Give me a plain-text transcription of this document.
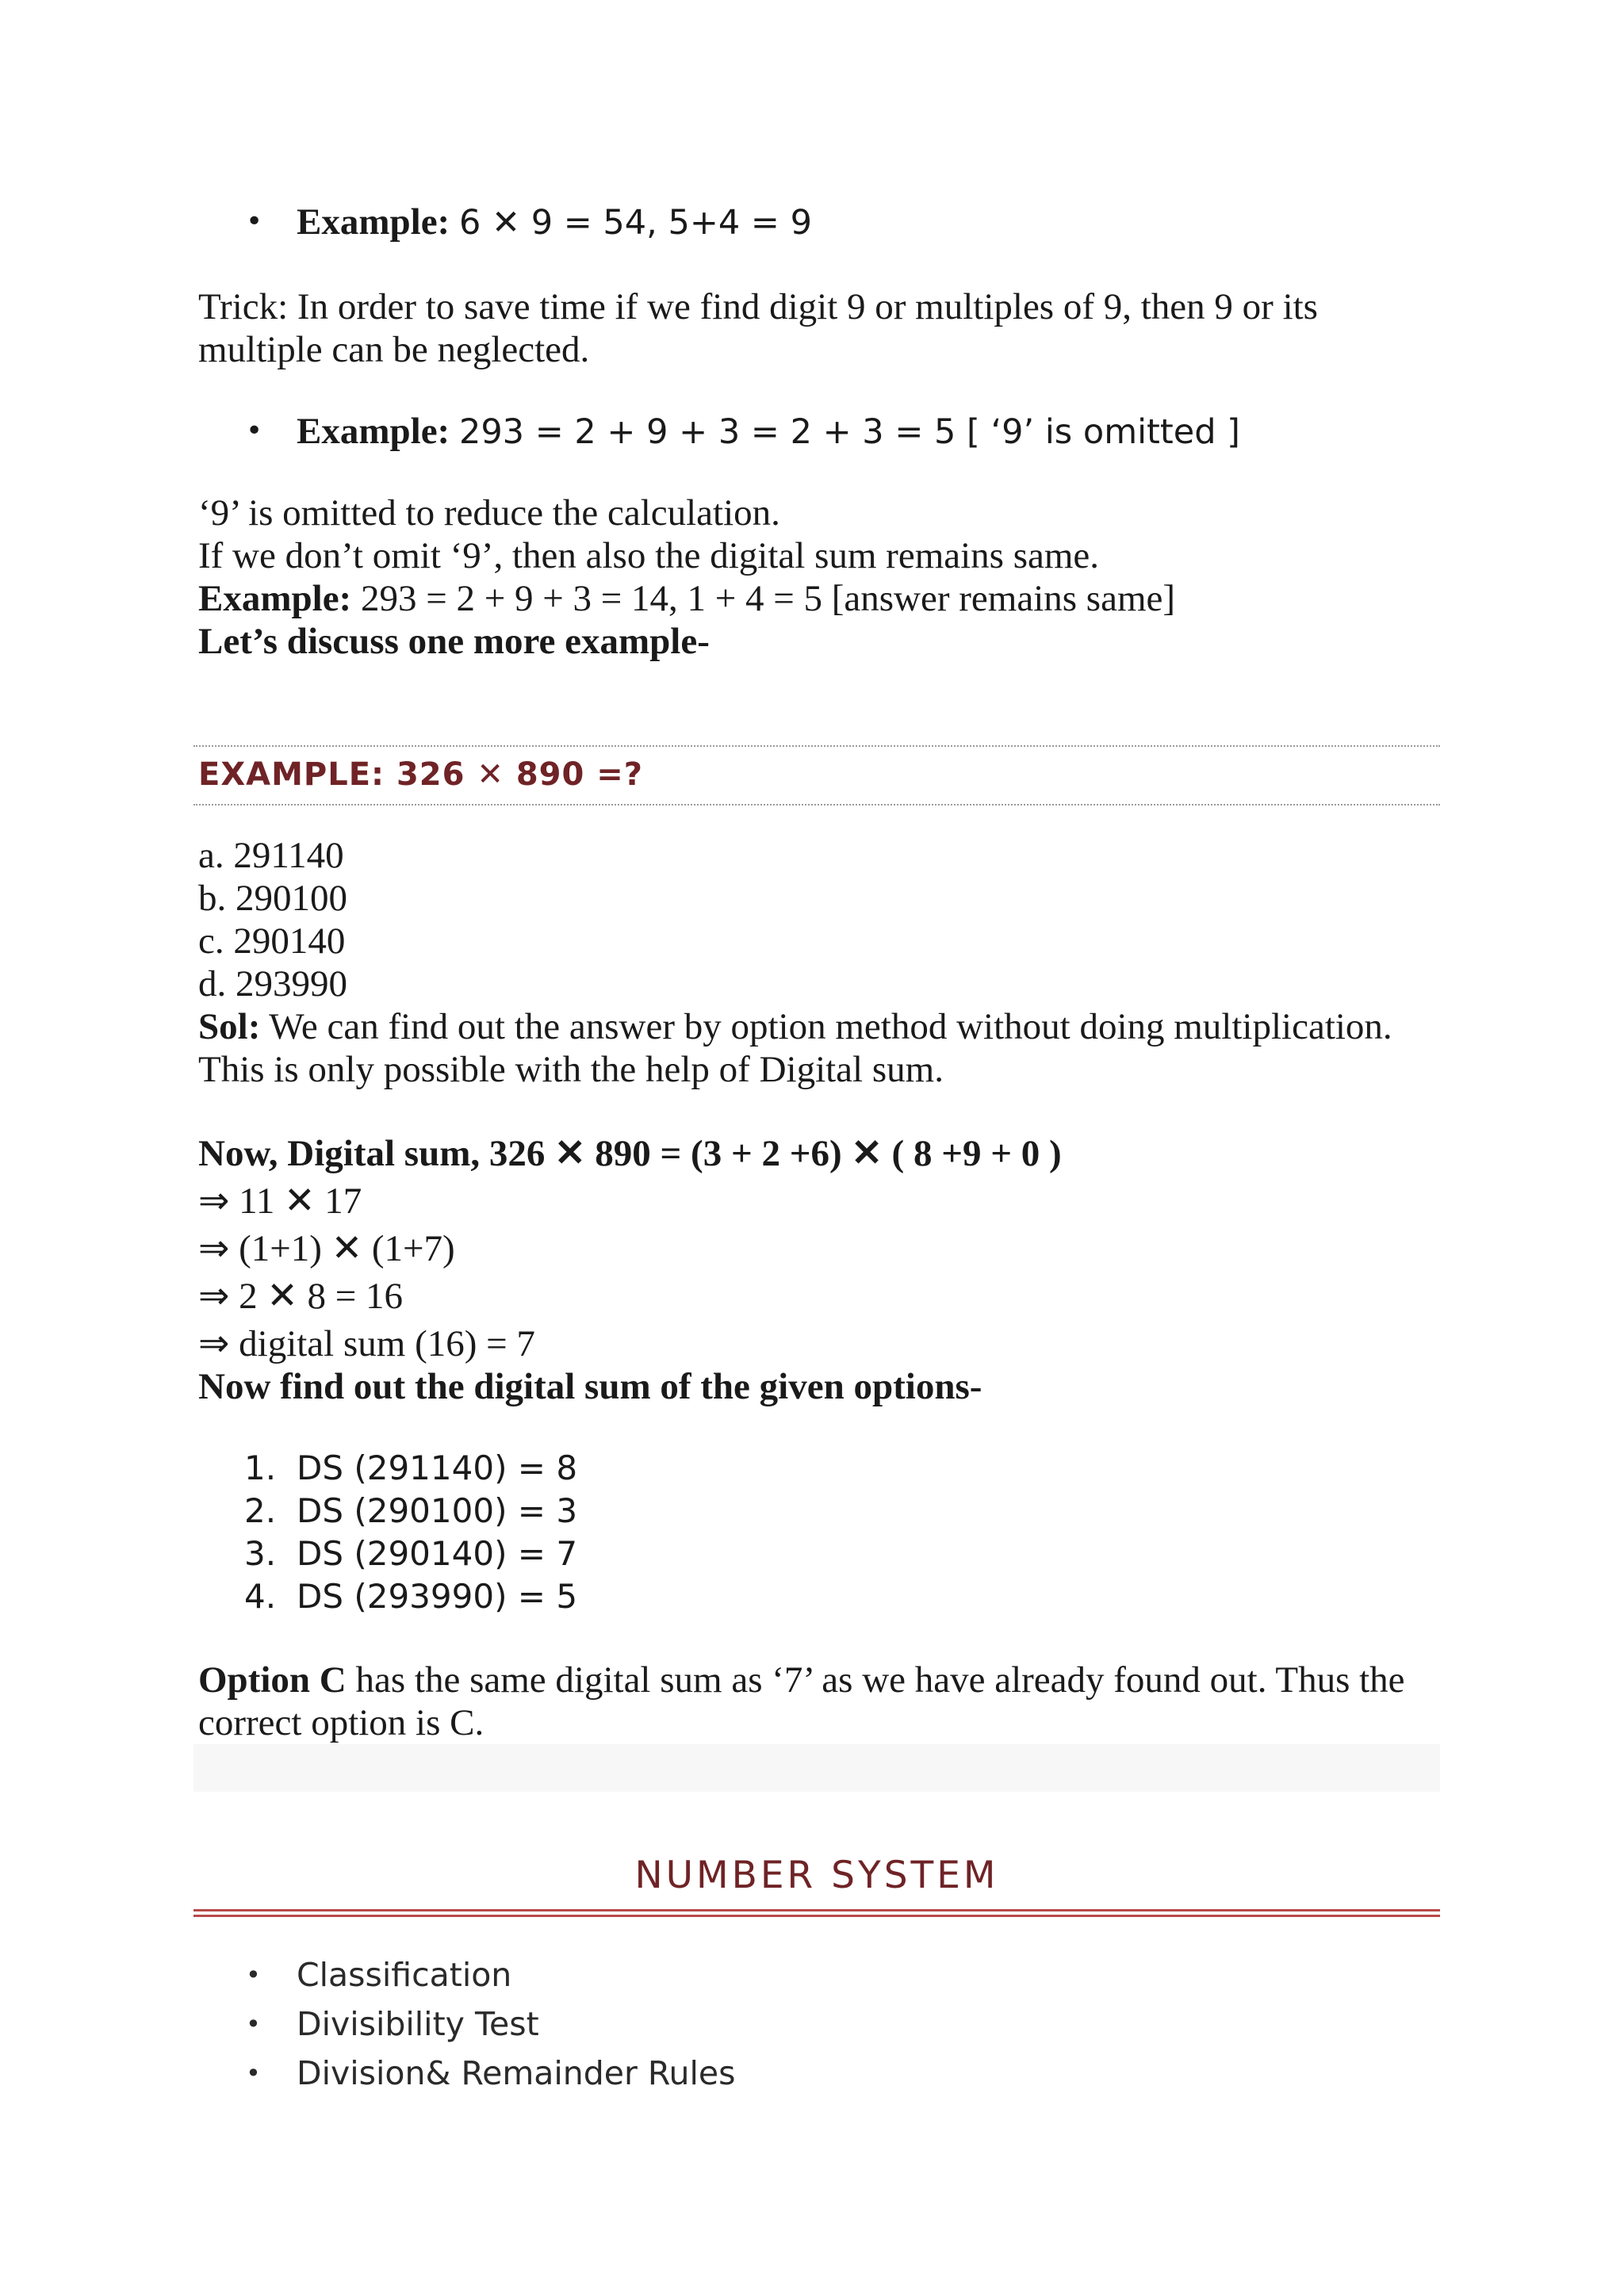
• Example: 6 ✕ 9 = 54, 5+4 = 9
Trick: In order to save time if we find digit 9 or multiples of 9, then 9 or its
multiple can be neglected.
• Example: 293 = 2 + 9 + 3 = 2 + 3 = 5 [ ‘9’ is omitted ]
‘9’ is omitted to reduce the calculation.
If we don’t omit ‘9’, then also the digital sum remains same.
Example: 293 = 2 + 9 + 3 = 14, 1 + 4 = 5 [answer remains same]
Let’s discuss one more example-
EXAMPLE: 326 ✕ 890 =?
a. 291140
b. 290100
c. 290140
d. 293990
Sol: We can find out the answer by option method without doing multiplication.
This is only possible with the help of Digital sum.
Now, Digital sum, 326 ✕ 890 = (3 + 2 +6) ✕ ( 8 +9 + 0 )
⇒ 11 ✕ 17
⇒ (1+1) ✕ (1+7)
⇒ 2 ✕ 8 = 16
⇒ digital sum (16) = 7
Now find out the digital sum of the given options-
1. DS (291140) = 8
2. DS (290100) = 3
3. DS (290140) = 7
4. DS (293990) = 5
Option C has the same digital sum as ‘7’ as we have already found out. Thus the
correct option is C.
NUMBER SYSTEM
• Classification
• Divisibility Test
• Division& Remainder Rules
